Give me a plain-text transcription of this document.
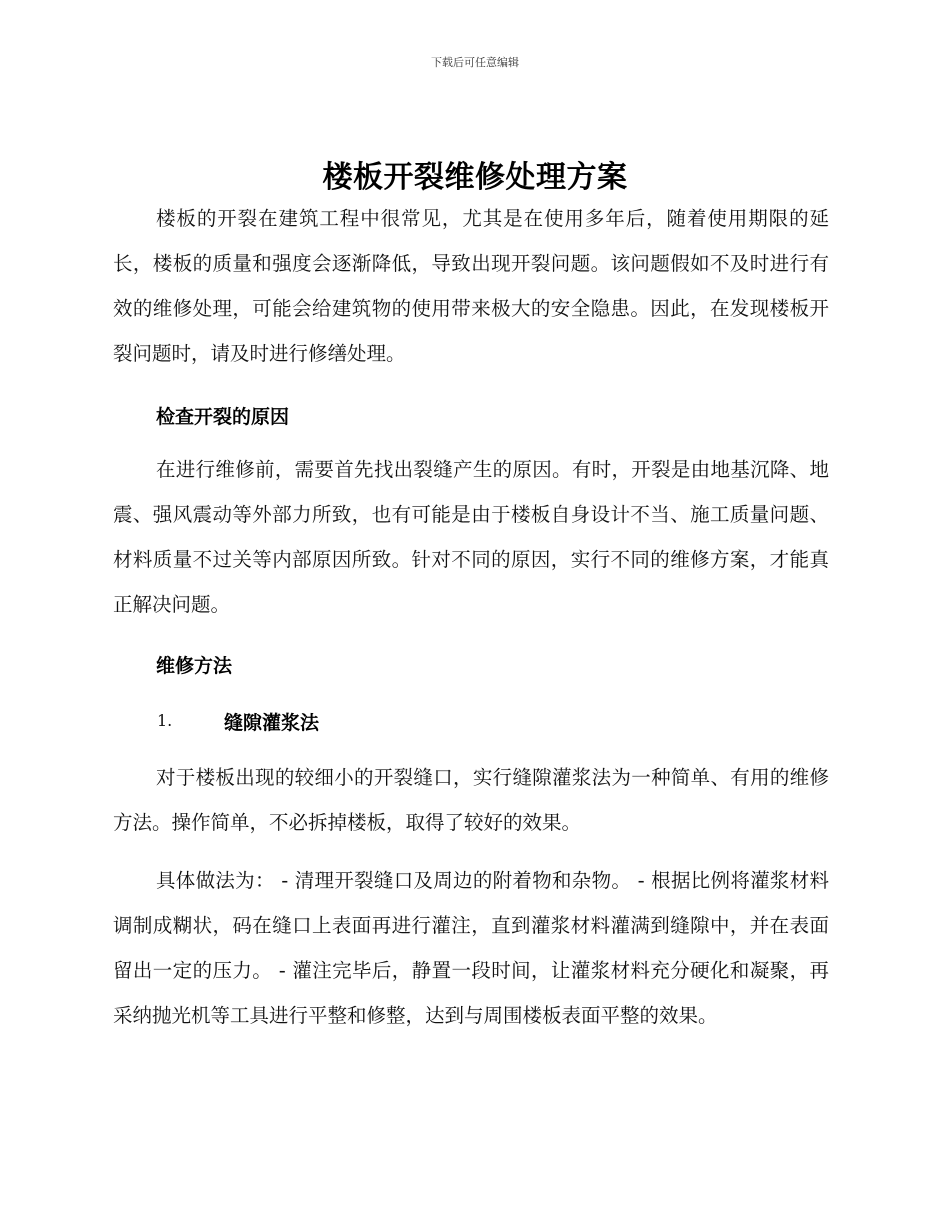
下载后可任意编辑
楼板开裂维修处理方案

楼板的开裂在建筑工程中很常见，尤其是在使用多年后，随着使用期限的延长，楼板的质量和强度会逐渐降低，导致出现开裂问题。该问题假如不及时进行有效的维修处理，可能会给建筑物的使用带来极大的安全隐患。因此，在发现楼板开裂问题时，请及时进行修缮处理。

检查开裂的原因

在进行维修前，需要首先找出裂缝产生的原因。有时，开裂是由地基沉降、地震、强风震动等外部力所致，也有可能是由于楼板自身设计不当、施工质量问题、材料质量不过关等内部原因所致。针对不同的原因，实行不同的维修方案，才能真正解决问题。

维修方法
1.	缝隙灌浆法

对于楼板出现的较细小的开裂缝口，实行缝隙灌浆法为一种简单、有用的维修方法。操作简单，不必拆掉楼板，取得了较好的效果。

具体做法为： - 清理开裂缝口及周边的附着物和杂物。 - 根据比例将灌浆材料调制成糊状，码在缝口上表面再进行灌注，直到灌浆材料灌满到缝隙中，并在表面留出一定的压力。 - 灌注完毕后，静置一段时间，让灌浆材料充分硬化和凝聚，再采纳抛光机等工具进行平整和修整，达到与周围楼板表面平整的效果。
